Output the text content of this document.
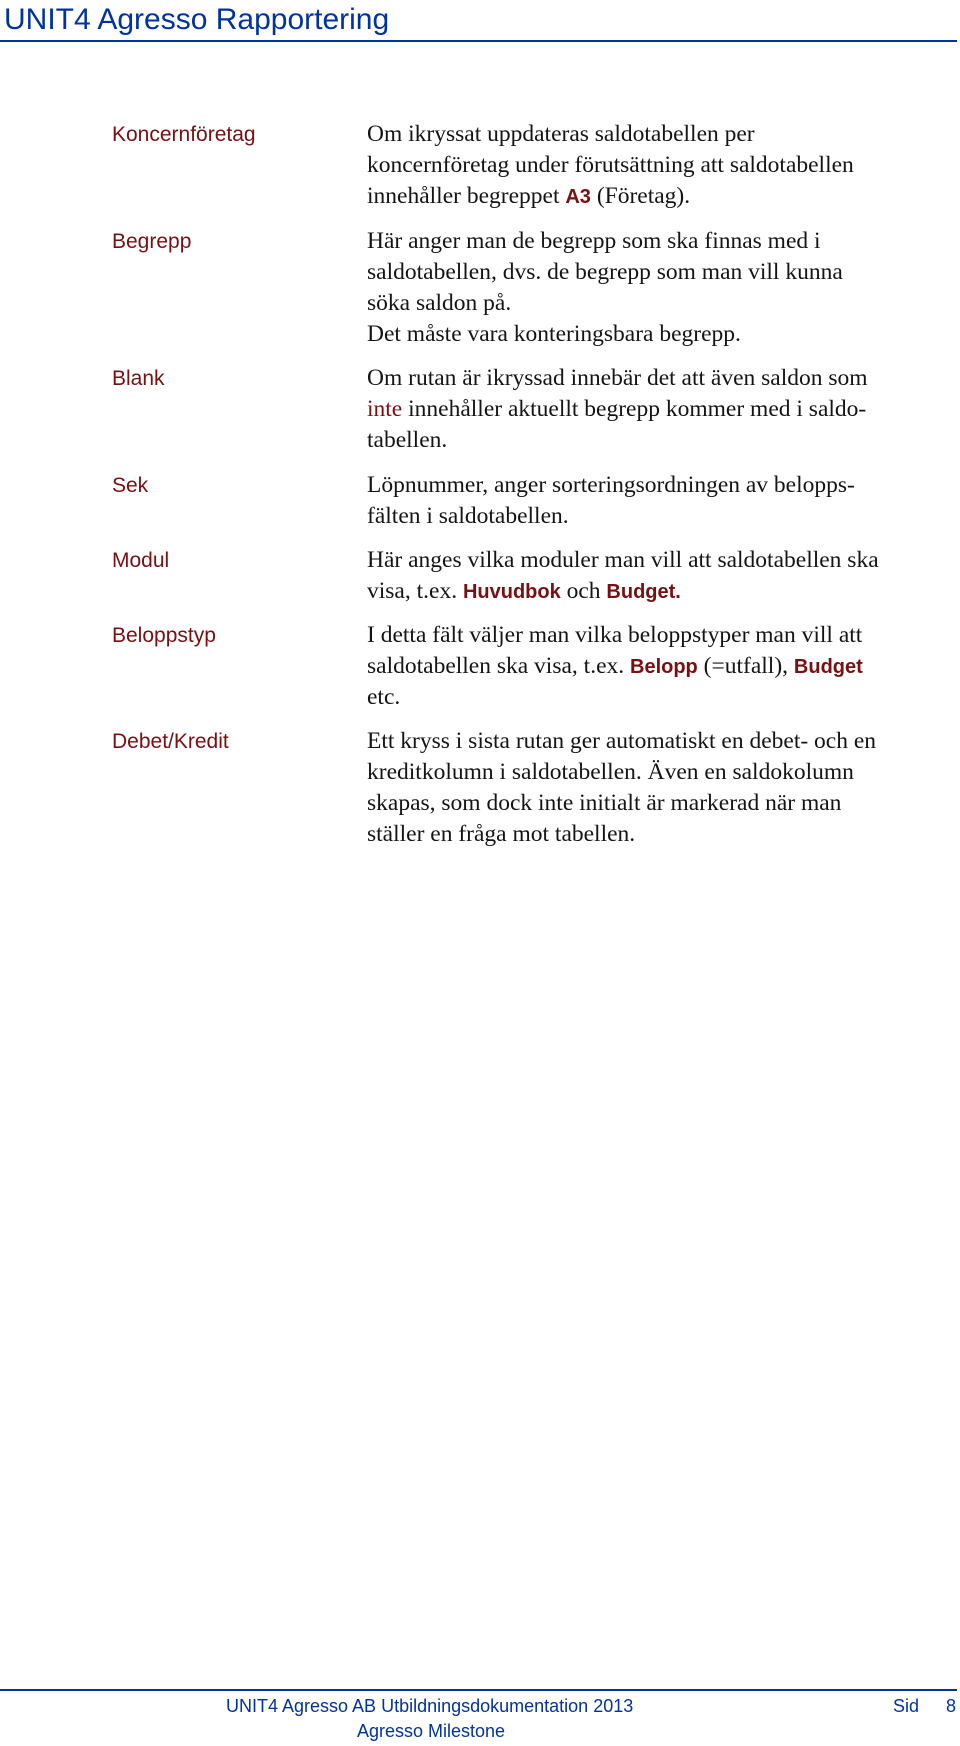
UNIT4 Agresso Rapportering
Koncernföretag	Om ikryssat uppdateras saldotabellen per
koncernföretag under förutsättning att saldotabellen
innehåller begreppet A3 (Företag).
Begrepp	Här anger man de begrepp som ska finnas med i
saldotabellen, dvs. de begrepp som man vill kunna
söka saldon på.
Det måste vara konteringsbara begrepp.
Blank	Om rutan är ikryssad innebär det att även saldon som
inte innehåller aktuellt begrepp kommer med i saldo-
tabellen.
Sek	Löpnummer, anger sorteringsordningen av belopps-
fälten i saldotabellen.
Modul	Här anges vilka moduler man vill att saldotabellen ska
visa, t.ex. Huvudbok och Budget.
Beloppstyp	I detta fält väljer man vilka beloppstyper man vill att
saldotabellen ska visa, t.ex. Belopp (=utfall), Budget
etc.
Debet/Kredit	Ett kryss i sista rutan ger automatiskt en debet- och en
kreditkolumn i saldotabellen. Även en saldokolumn
skapas, som dock inte initialt är markerad när man
ställer en fråga mot tabellen.
UNIT4 Agresso AB Utbildningsdokumentation 2013	Sid 8
Agresso Milestone
